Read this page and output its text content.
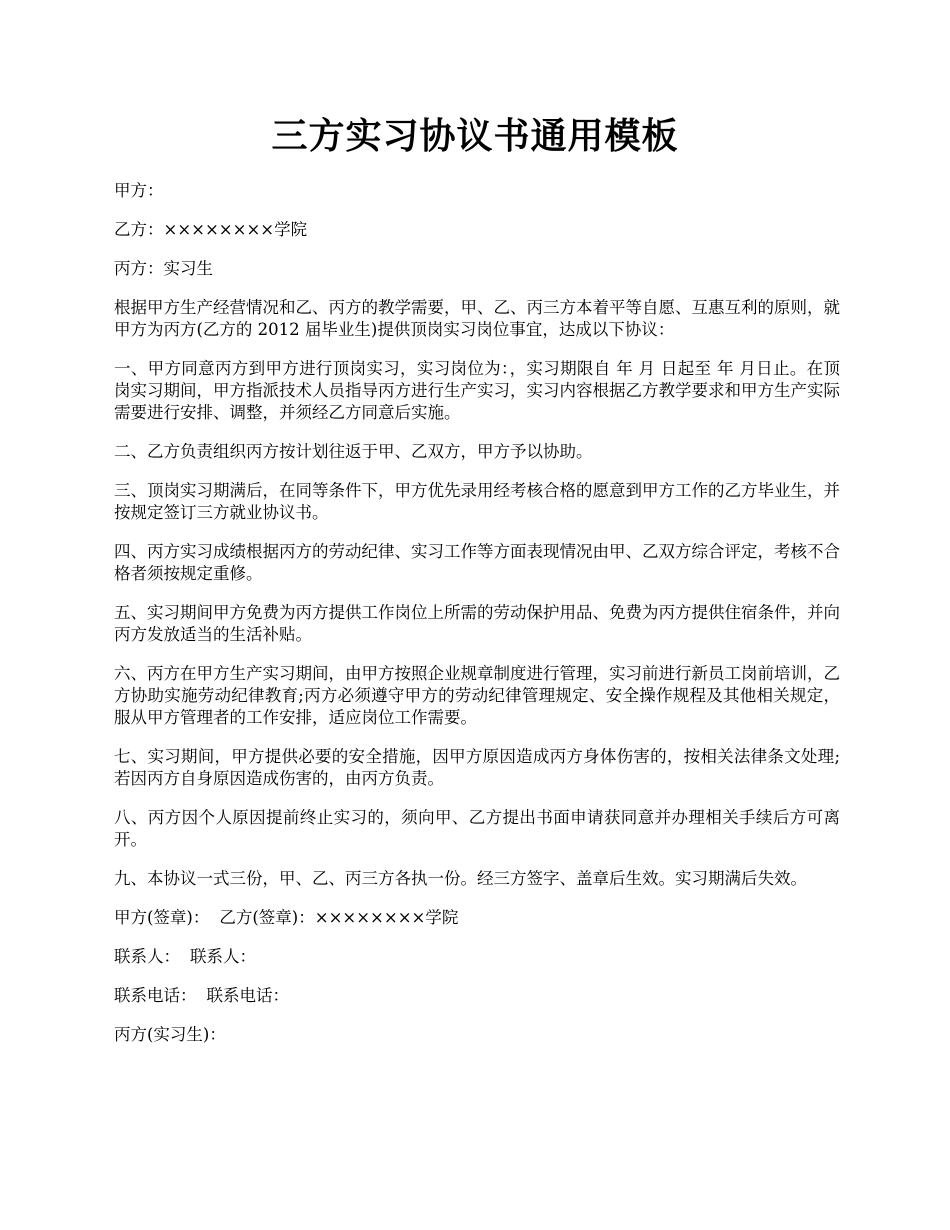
三方实习协议书通用模板

甲方：

乙方：××××××××学院

丙方：实习生

根据甲方生产经营情况和乙、丙方的教学需要，甲、乙、丙三方本着平等自愿、互惠互利的原则，就甲方为丙方(乙方的 2012 届毕业生)提供顶岗实习岗位事宜，达成以下协议：

一、甲方同意丙方到甲方进行顶岗实习，实习岗位为：，实习期限自 年 月 日起至 年 月日止。在顶岗实习期间，甲方指派技术人员指导丙方进行生产实习，实习内容根据乙方教学要求和甲方生产实际需要进行安排、调整，并须经乙方同意后实施。

二、乙方负责组织丙方按计划往返于甲、乙双方，甲方予以协助。

三、顶岗实习期满后，在同等条件下，甲方优先录用经考核合格的愿意到甲方工作的乙方毕业生，并按规定签订三方就业协议书。

四、丙方实习成绩根据丙方的劳动纪律、实习工作等方面表现情况由甲、乙双方综合评定，考核不合格者须按规定重修。

五、实习期间甲方免费为丙方提供工作岗位上所需的劳动保护用品、免费为丙方提供住宿条件，并向丙方发放适当的生活补贴。

六、丙方在甲方生产实习期间，由甲方按照企业规章制度进行管理，实习前进行新员工岗前培训，乙方协助实施劳动纪律教育;丙方必须遵守甲方的劳动纪律管理规定、安全操作规程及其他相关规定，服从甲方管理者的工作安排，适应岗位工作需要。

七、实习期间，甲方提供必要的安全措施，因甲方原因造成丙方身体伤害的，按相关法律条文处理;若因丙方自身原因造成伤害的，由丙方负责。

八、丙方因个人原因提前终止实习的，须向甲、乙方提出书面申请获同意并办理相关手续后方可离开。

九、本协议一式三份，甲、乙、丙三方各执一份。经三方签字、盖章后生效。实习期满后失效。

甲方(签章)： 乙方(签章)：××××××××学院

联系人： 联系人：

联系电话： 联系电话：

丙方(实习生)：
